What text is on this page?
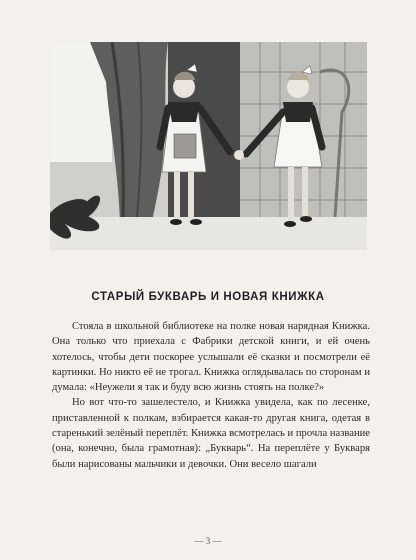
СТАРЫЙ БУКВАРЬ И НОВАЯ КНИЖКА

Стояла в школьной библиотеке на полке новая нарядная Книжка. Она только что приехала с Фабрики детской книги, и ей очень хотелось, чтобы дети поскорее услышали её сказки и посмотрели её картинки. Но никто её не трогал. Книжка оглядывалась по сторонам и думала: «Неужели я так и буду всю жизнь стоять на полке?»

Но вот что-то зашелестело, и Книжка увидела, как по лесенке, приставленной к полкам, взбирается какая-то другая книга, одетая в старенький зелёный переплёт. Книжка всмотрелась и прочла название (она, конечно, была грамотная): „Букварь“. На переплёте у Букваря были нарисованы мальчики и девочки. Они весело шагали

— 3 —
